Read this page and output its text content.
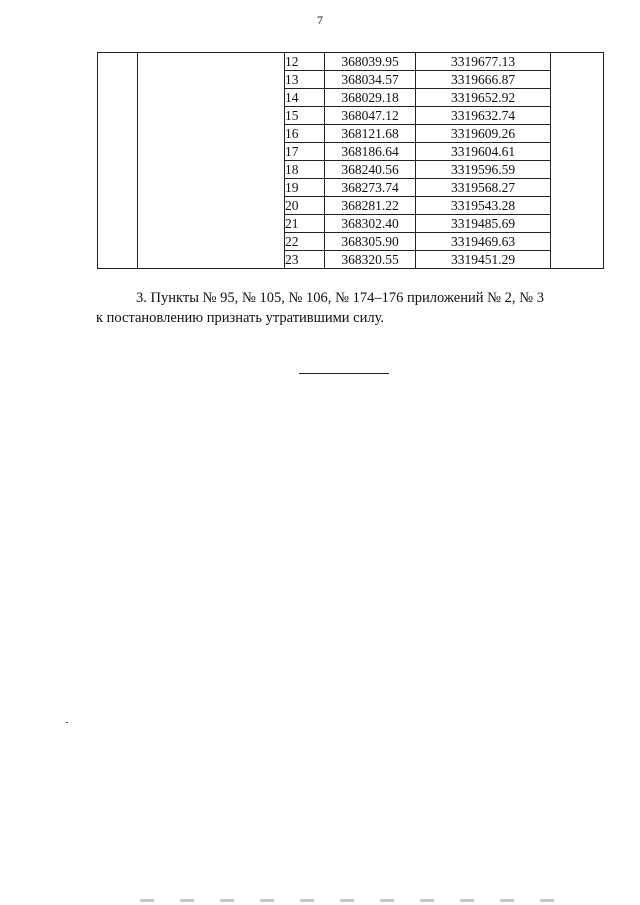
7
		12	368039.95	3319677.13	
		13	368034.57	3319666.87	
		14	368029.18	3319652.92	
		15	368047.12	3319632.74	
		16	368121.68	3319609.26	
		17	368186.64	3319604.61	
		18	368240.56	3319596.59	
		19	368273.74	3319568.27	
		20	368281.22	3319543.28	
		21	368302.40	3319485.69	
		22	368305.90	3319469.63	
		23	368320.55	3319451.29	
3. Пункты № 95, № 105, № 106, № 174–176 приложений № 2, № 3 к постановлению признать утратившими силу.
